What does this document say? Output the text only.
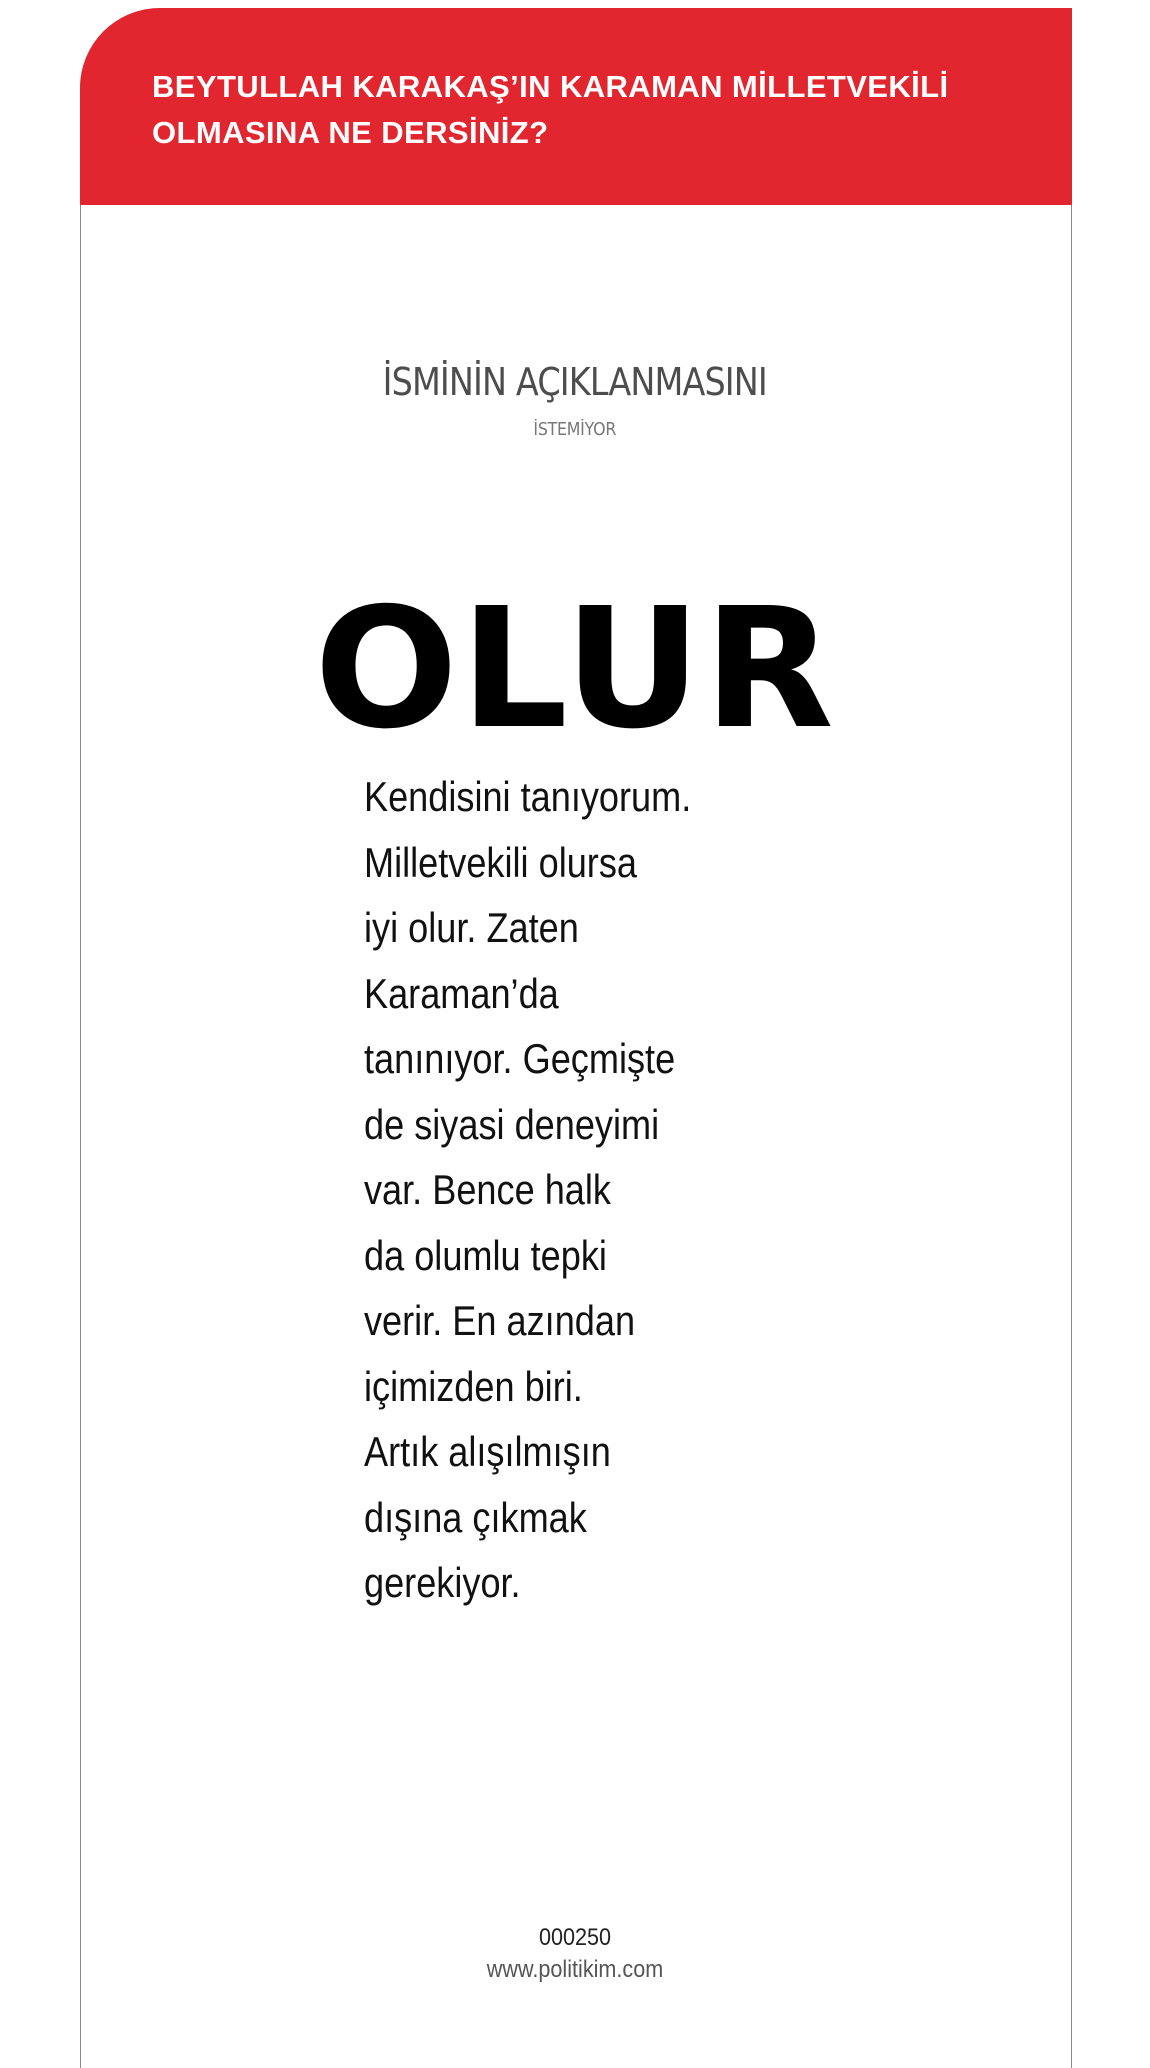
BEYTULLAH KARAKAŞ’IN KARAMAN MİLLETVEKİLİ
OLMASINA NE DERSİNİZ?

İSMİNİN AÇIKLANMASINI
İSTEMİYOR
OLUR
Kendisini tanıyorum.
Milletvekili olursa
iyi olur. Zaten
Karaman’da
tanınıyor. Geçmişte
de siyasi deneyimi
var. Bence halk
da olumlu tepki
verir. En azından
içimizden biri.
Artık alışılmışın
dışına çıkmak
gerekiyor.
000250
www.politikim.com
